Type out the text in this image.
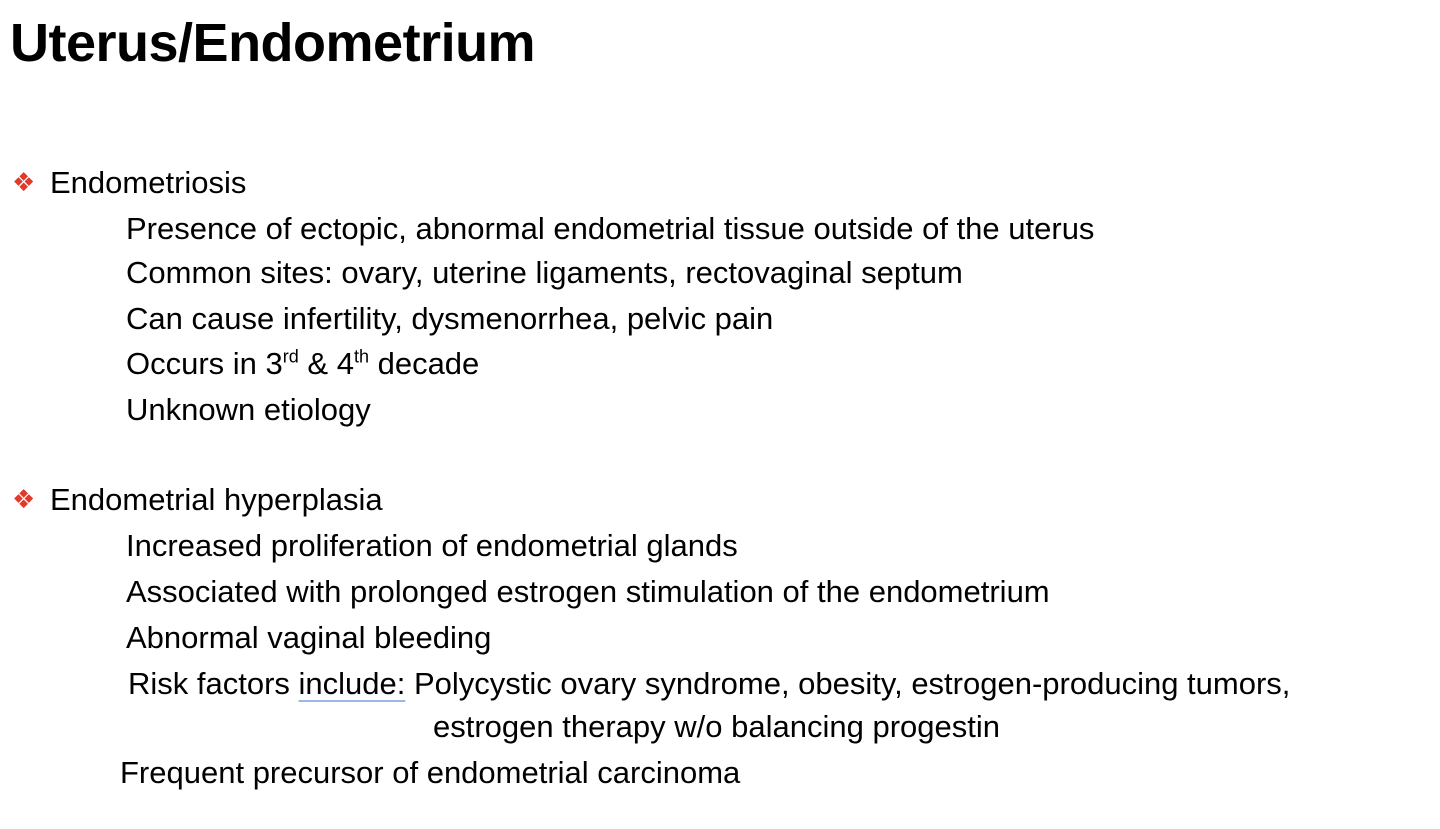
Uterus/Endometrium
❖ Endometriosis
Presence of ectopic, abnormal endometrial tissue outside of the uterus
Common sites: ovary, uterine ligaments, rectovaginal septum
Can cause infertility, dysmenorrhea, pelvic pain
Occurs in 3rd & 4th decade
Unknown etiology
❖ Endometrial hyperplasia
Increased proliferation of endometrial glands
Associated with prolonged estrogen stimulation of the endometrium
Abnormal vaginal bleeding
Risk factors include: Polycystic ovary syndrome, obesity, estrogen-producing tumors,
estrogen therapy w/o balancing progestin
Frequent precursor of endometrial carcinoma
